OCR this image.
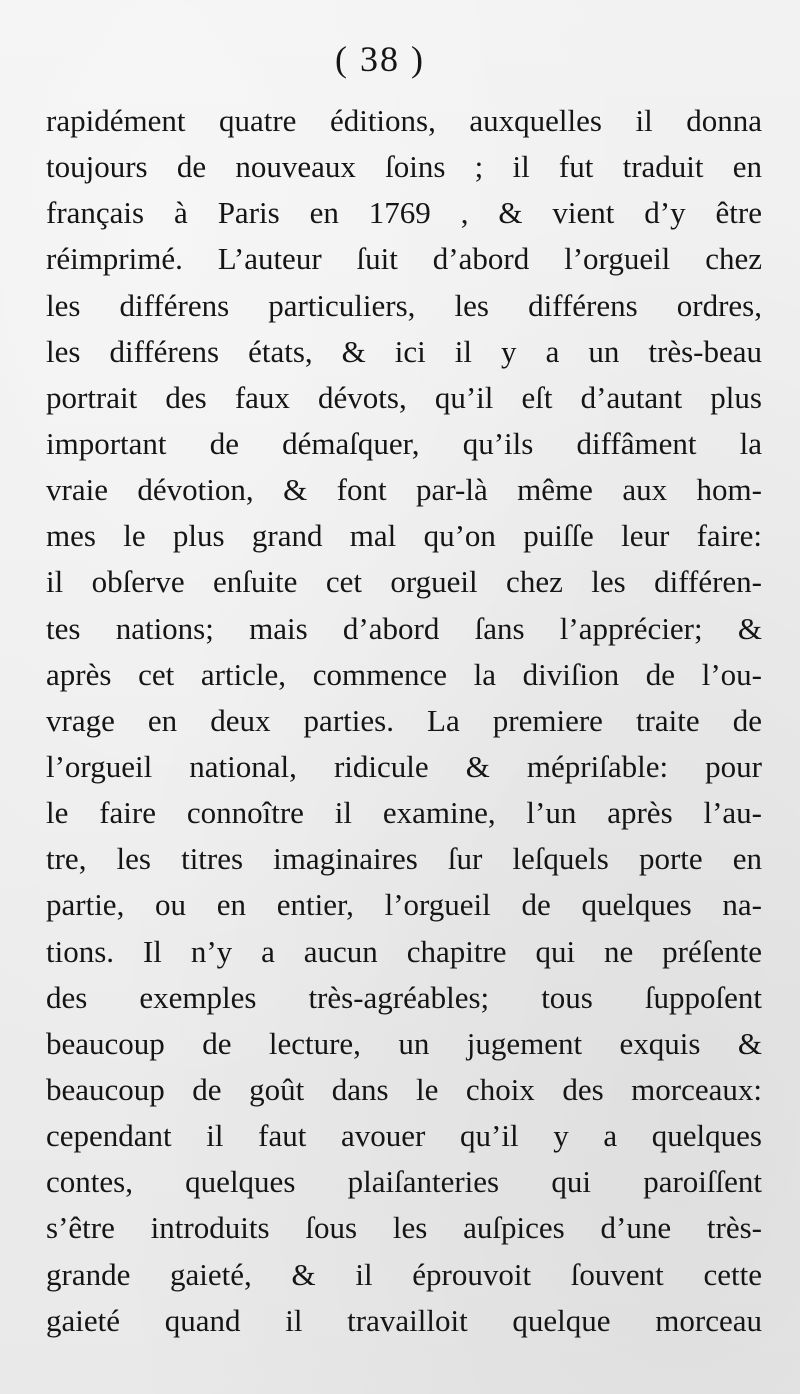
( 38 )

rapidément quatre éditions, auxquelles il donna
toujours de nouveaux ſoins ; il fut traduit en
français à Paris en 1769 , & vient d’y être
réimprimé. L’auteur ſuit d’abord l’orgueil chez
les différens particuliers, les différens ordres,
les différens états, & ici il y a un très-beau
portrait des faux dévots, qu’il eſt d’autant plus
important de démaſquer, qu’ils diffâment la
vraie dévotion, & font par-là même aux hom-
mes le plus grand mal qu’on puiſſe leur faire:
il obſerve enſuite cet orgueil chez les différen-
tes nations; mais d’abord ſans l’apprécier; &
après cet article, commence la diviſion de l’ou-
vrage en deux parties. La premiere traite de
l’orgueil national, ridicule & mépriſable: pour
le faire connoître il examine, l’un après l’au-
tre, les titres imaginaires ſur leſquels porte en
partie, ou en entier, l’orgueil de quelques na-
tions. Il n’y a aucun chapitre qui ne préſente
des exemples très-agréables; tous ſuppoſent
beaucoup de lecture, un jugement exquis &
beaucoup de goût dans le choix des morceaux:
cependant il faut avouer qu’il y a quelques
contes, quelques plaiſanteries qui paroiſſent
s’être introduits ſous les auſpices d’une très-
grande gaieté, & il éprouvoit ſouvent cette
gaieté quand il travailloit quelque morceau
